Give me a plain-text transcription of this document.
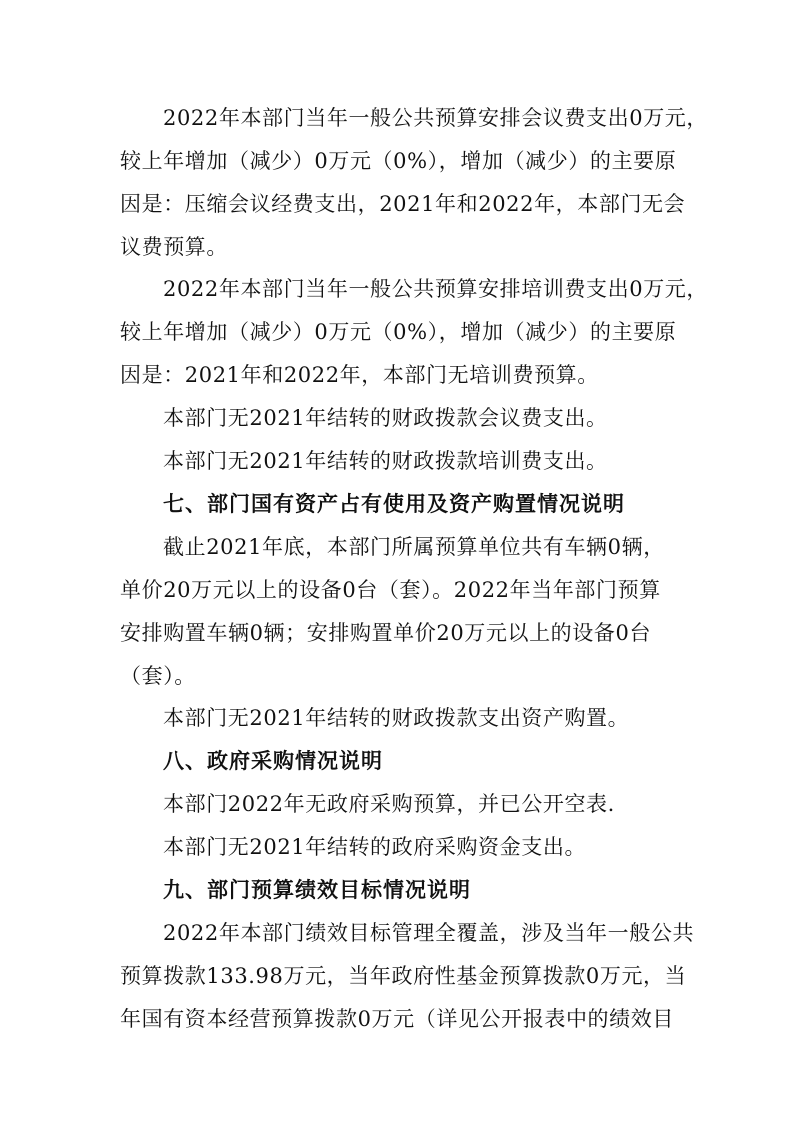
2022年本部门当年一般公共预算安排会议费支出0万元，
较上年增加（减少）0万元（0%），增加（减少）的主要原
因是：压缩会议经费支出，2021年和2022年，本部门无会
议费预算。
2022年本部门当年一般公共预算安排培训费支出0万元，
较上年增加（减少）0万元（0%），增加（减少）的主要原
因是：2021年和2022年，本部门无培训费预算。
本部门无2021年结转的财政拨款会议费支出。
本部门无2021年结转的财政拨款培训费支出。
七、部门国有资产占有使用及资产购置情况说明
截止2021年底，本部门所属预算单位共有车辆0辆，
单价20万元以上的设备0台（套）。2022年当年部门预算
安排购置车辆0辆；安排购置单价20万元以上的设备0台
（套）。
本部门无2021年结转的财政拨款支出资产购置。
八、政府采购情况说明
本部门2022年无政府采购预算，并已公开空表.
本部门无2021年结转的政府采购资金支出。
九、部门预算绩效目标情况说明
2022年本部门绩效目标管理全覆盖，涉及当年一般公共
预算拨款133.98万元，当年政府性基金预算拨款0万元，当
年国有资本经营预算拨款0万元（详见公开报表中的绩效目
